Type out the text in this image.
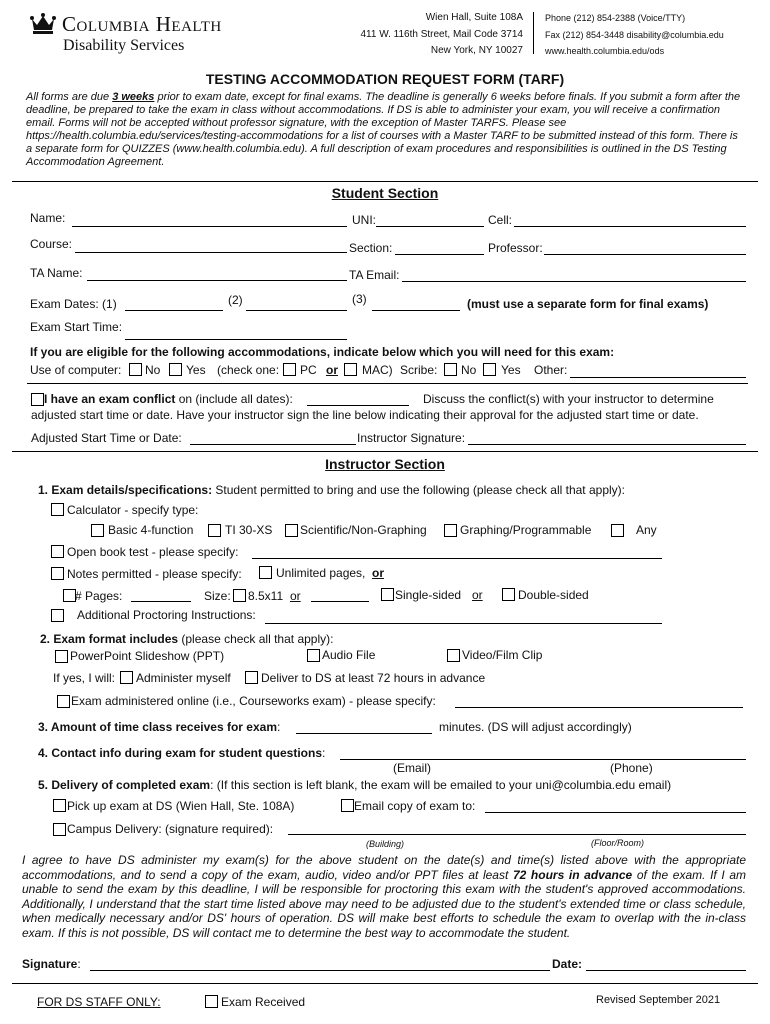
Columbia Health
Disability Services
Wien Hall, Suite 108A
411 W. 116th Street, Mail Code 3714
New York, NY 10027
Phone (212) 854-2388 (Voice/TTY)
Fax (212) 854-3448 disability@columbia.edu
www.health.columbia.edu/ods
TESTING ACCOMMODATION REQUEST FORM (TARF)
All forms are due 3 weeks prior to exam date, except for final exams. The deadline is generally 6 weeks before finals. If you submit a form after the deadline, be prepared to take the exam in class without accommodations. If DS is able to administer your exam, you will receive a confirmation email. Forms will not be accepted without professor signature, with the exception of Master TARFS. Please see https://health.columbia.edu/services/testing-accommodations for a list of courses with a Master TARF to be submitted instead of this form. There is a separate form for QUIZZES (www.health.columbia.edu). A full description of exam procedures and responsibilities is outlined in the DS Testing Accommodation Agreement.
Student Section
Name:	UNI:	Cell:
Course:	Section:	Professor:
TA Name:	TA Email:
Exam Dates: (1)	(2)	(3)	(must use a separate form for final exams)
Exam Start Time:
If you are eligible for the following accommodations, indicate below which you will need for this exam:
Use of computer: No Yes (check one: PC or MAC) Scribe: No Yes Other:
I have an exam conflict on (include all dates):	Discuss the conflict(s) with your instructor to determine
adjusted start time or date. Have your instructor sign the line below indicating their approval for the adjusted start time or date.
Adjusted Start Time or Date:	Instructor Signature:
Instructor Section
1. Exam details/specifications: Student permitted to bring and use the following (please check all that apply):
Calculator - specify type:
Basic 4-function	TI 30-XS Scientific/Non-Graphing	Graphing/Programmable	Any
Open book test - please specify:
Notes permitted - please specify:	Unlimited pages, or
# Pages:	Size: 8.5x11 or	Single-sided or	Double-sided
Additional Proctoring Instructions:
2. Exam format includes (please check all that apply):
PowerPoint Slideshow (PPT)	Audio File	Video/Film Clip
If yes, I will: Administer myself	Deliver to DS at least 72 hours in advance
Exam administered online (i.e., Courseworks exam) - please specify:
3. Amount of time class receives for exam:	minutes. (DS will adjust accordingly)
4. Contact info during exam for student questions:
(Email)	(Phone)
5. Delivery of completed exam: (If this section is left blank, the exam will be emailed to your uni@columbia.edu email)
Pick up exam at DS (Wien Hall, Ste. 108A)	Email copy of exam to:
Campus Delivery: (signature required):
(Building)	(Floor/Room)
I agree to have DS administer my exam(s) for the above student on the date(s) and time(s) listed above with the appropriate accommodations, and to send a copy of the exam, audio, video and/or PPT files at least 72 hours in advance of the exam. If I am unable to send the exam by this deadline, I will be responsible for proctoring this exam with the student's approved accommodations. Additionally, I understand that the start time listed above may need to be adjusted due to the student's extended time or class schedule, when medically necessary and/or DS' hours of operation. DS will make best efforts to schedule the exam to overlap with the in-class exam. If this is not possible, DS will contact me to determine the best way to accommodate the student.
Signature:	Date:
FOR DS STAFF ONLY:	Exam Received	Revised September 2021
